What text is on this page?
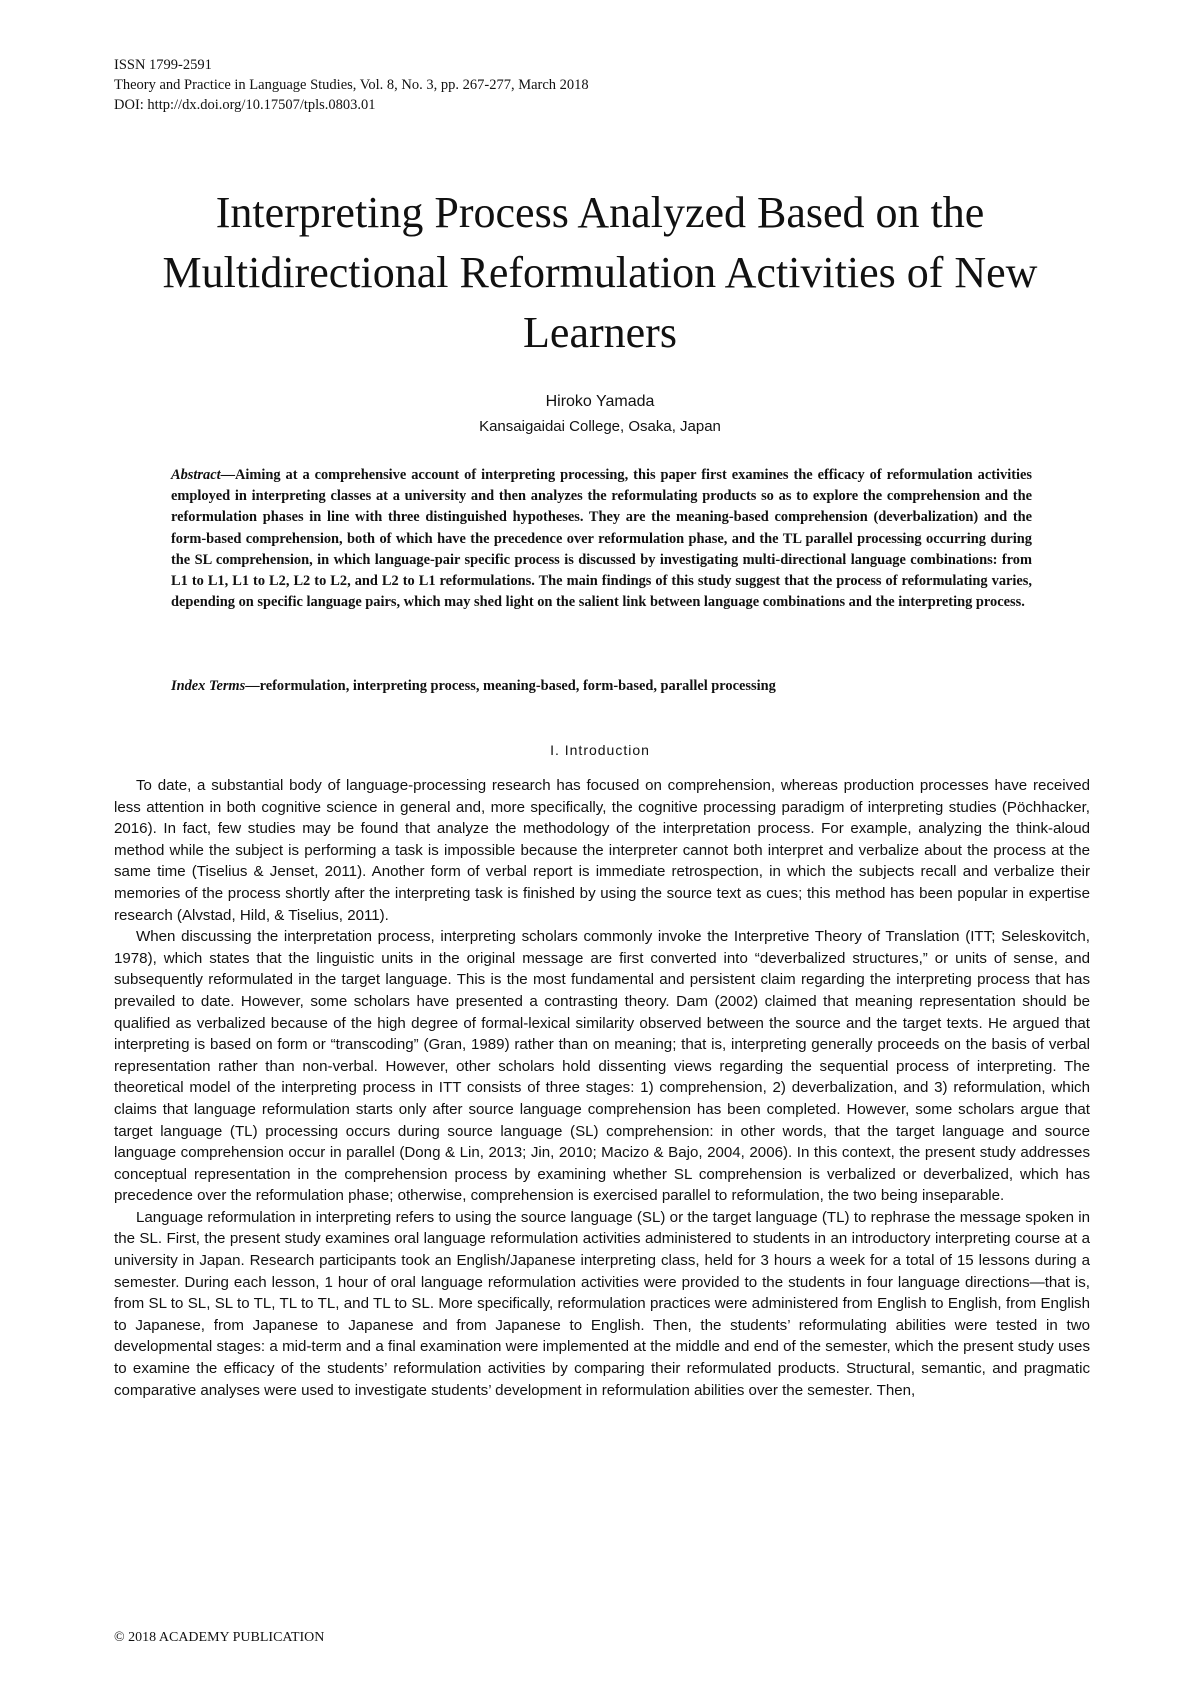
ISSN 1799-2591
Theory and Practice in Language Studies, Vol. 8, No. 3, pp. 267-277, March 2018
DOI: http://dx.doi.org/10.17507/tpls.0803.01
Interpreting Process Analyzed Based on the Multidirectional Reformulation Activities of New Learners
Hiroko Yamada
Kansaigaidai College, Osaka, Japan

Abstract—Aiming at a comprehensive account of interpreting processing, this paper first examines the efficacy of reformulation activities employed in interpreting classes at a university and then analyzes the reformulating products so as to explore the comprehension and the reformulation phases in line with three distinguished hypotheses. They are the meaning-based comprehension (deverbalization) and the form-based comprehension, both of which have the precedence over reformulation phase, and the TL parallel processing occurring during the SL comprehension, in which language-pair specific process is discussed by investigating multi-directional language combinations: from L1 to L1, L1 to L2, L2 to L2, and L2 to L1 reformulations. The main findings of this study suggest that the process of reformulating varies, depending on specific language pairs, which may shed light on the salient link between language combinations and the interpreting process.

Index Terms—reformulation, interpreting process, meaning-based, form-based, parallel processing

I. Introduction

To date, a substantial body of language-processing research has focused on comprehension, whereas production processes have received less attention in both cognitive science in general and, more specifically, the cognitive processing paradigm of interpreting studies (Pöchhacker, 2016). In fact, few studies may be found that analyze the methodology of the interpretation process. For example, analyzing the think-aloud method while the subject is performing a task is impossible because the interpreter cannot both interpret and verbalize about the process at the same time (Tiselius & Jenset, 2011). Another form of verbal report is immediate retrospection, in which the subjects recall and verbalize their memories of the process shortly after the interpreting task is finished by using the source text as cues; this method has been popular in expertise research (Alvstad, Hild, & Tiselius, 2011).

When discussing the interpretation process, interpreting scholars commonly invoke the Interpretive Theory of Translation (ITT; Seleskovitch, 1978), which states that the linguistic units in the original message are first converted into “deverbalized structures,” or units of sense, and subsequently reformulated in the target language. This is the most fundamental and persistent claim regarding the interpreting process that has prevailed to date. However, some scholars have presented a contrasting theory. Dam (2002) claimed that meaning representation should be qualified as verbalized because of the high degree of formal-lexical similarity observed between the source and the target texts. He argued that interpreting is based on form or “transcoding” (Gran, 1989) rather than on meaning; that is, interpreting generally proceeds on the basis of verbal representation rather than non-verbal. However, other scholars hold dissenting views regarding the sequential process of interpreting. The theoretical model of the interpreting process in ITT consists of three stages: 1) comprehension, 2) deverbalization, and 3) reformulation, which claims that language reformulation starts only after source language comprehension has been completed. However, some scholars argue that target language (TL) processing occurs during source language (SL) comprehension: in other words, that the target language and source language comprehension occur in parallel (Dong & Lin, 2013; Jin, 2010; Macizo & Bajo, 2004, 2006). In this context, the present study addresses conceptual representation in the comprehension process by examining whether SL comprehension is verbalized or deverbalized, which has precedence over the reformulation phase; otherwise, comprehension is exercised parallel to reformulation, the two being inseparable.

Language reformulation in interpreting refers to using the source language (SL) or the target language (TL) to rephrase the message spoken in the SL. First, the present study examines oral language reformulation activities administered to students in an introductory interpreting course at a university in Japan. Research participants took an English/Japanese interpreting class, held for 3 hours a week for a total of 15 lessons during a semester. During each lesson, 1 hour of oral language reformulation activities were provided to the students in four language directions—that is, from SL to SL, SL to TL, TL to TL, and TL to SL. More specifically, reformulation practices were administered from English to English, from English to Japanese, from Japanese to Japanese and from Japanese to English. Then, the students’ reformulating abilities were tested in two developmental stages: a mid-term and a final examination were implemented at the middle and end of the semester, which the present study uses to examine the efficacy of the students’ reformulation activities by comparing their reformulated products. Structural, semantic, and pragmatic comparative analyses were used to investigate students’ development in reformulation abilities over the semester. Then,

© 2018 ACADEMY PUBLICATION
